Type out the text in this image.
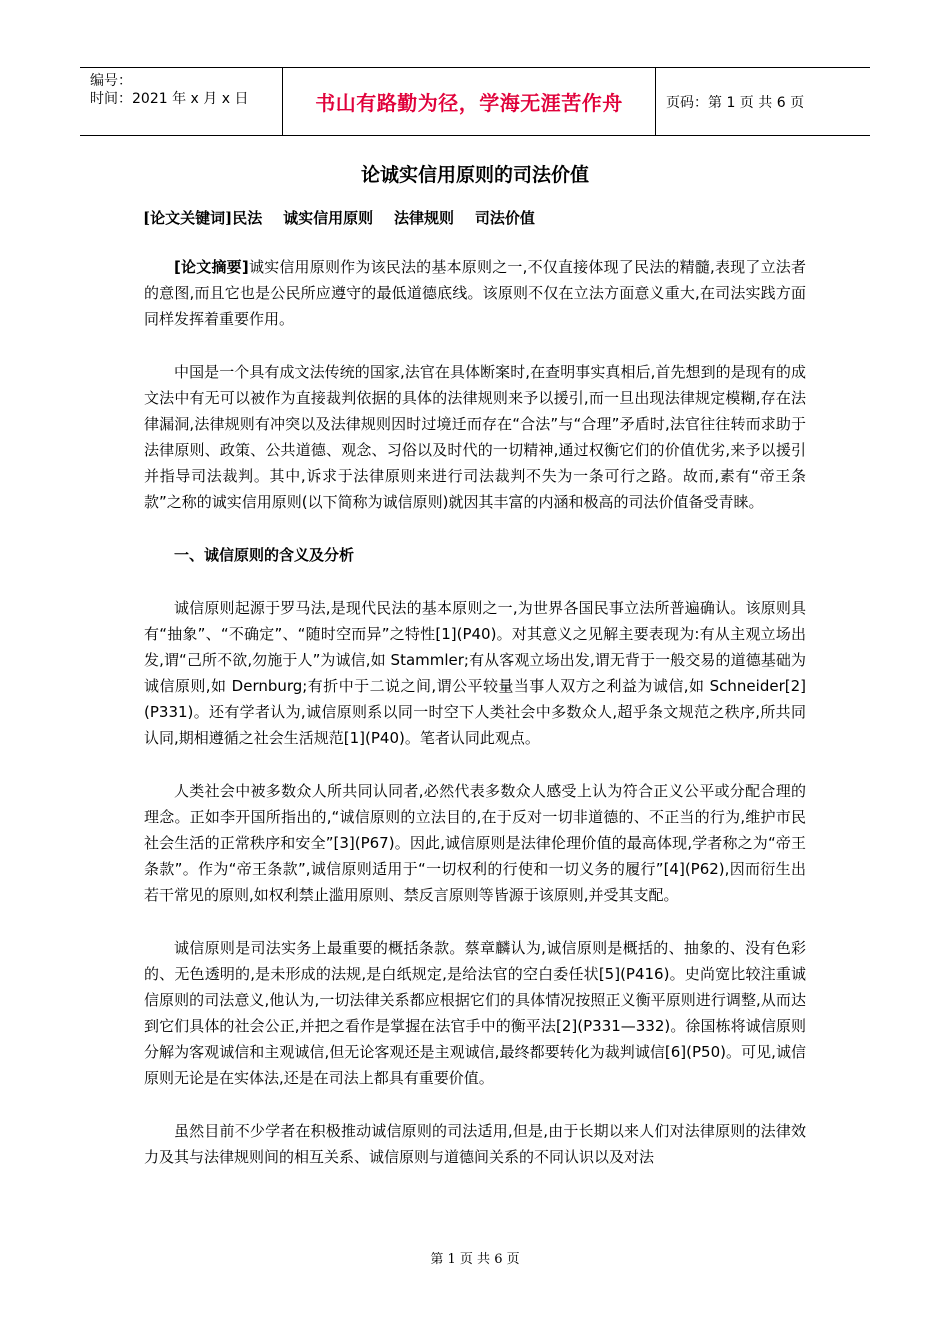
编号：
时间：2021 年 x 月 x 日	书山有路勤为径，学海无涯苦作舟	页码：第 1 页 共 6 页
论诚实信用原则的司法价值
[论文关键词]民法    诚实信用原则    法律规则    司法价值

[论文摘要]诚实信用原则作为该民法的基本原则之一,不仅直接体现了民法的精髓,表现了立法者的意图,而且它也是公民所应遵守的最低道德底线。该原则不仅在立法方面意义重大,在司法实践方面同样发挥着重要作用。

中国是一个具有成文法传统的国家,法官在具体断案时,在查明事实真相后,首先想到的是现有的成文法中有无可以被作为直接裁判依据的具体的法律规则来予以援引,而一旦出现法律规定模糊,存在法律漏洞,法律规则有冲突以及法律规则因时过境迁而存在“合法”与“合理”矛盾时,法官往往转而求助于法律原则、政策、公共道德、观念、习俗以及时代的一切精神,通过权衡它们的价值优劣,来予以援引并指导司法裁判。其中,诉求于法律原则来进行司法裁判不失为一条可行之路。故而,素有“帝王条款”之称的诚实信用原则(以下简称为诚信原则)就因其丰富的内涵和极高的司法价值备受青睐。

一、诚信原则的含义及分析

诚信原则起源于罗马法,是现代民法的基本原则之一,为世界各国民事立法所普遍确认。该原则具有“抽象”、“不确定”、“随时空而异”之特性[1](P40)。对其意义之见解主要表现为:有从主观立场出发,谓“己所不欲,勿施于人”为诚信,如 Stammler;有从客观立场出发,谓无背于一般交易的道德基础为诚信原则,如 Dernburg;有折中于二说之间,谓公平较量当事人双方之利益为诚信,如 Schneider[2](P331)。还有学者认为,诚信原则系以同一时空下人类社会中多数众人,超乎条文规范之秩序,所共同认同,期相遵循之社会生活规范[1](P40)。笔者认同此观点。

人类社会中被多数众人所共同认同者,必然代表多数众人感受上认为符合正义公平或分配合理的理念。正如李开国所指出的,“诚信原则的立法目的,在于反对一切非道德的、不正当的行为,维护市民社会生活的正常秩序和安全”[3](P67)。因此,诚信原则是法律伦理价值的最高体现,学者称之为“帝王条款”。作为“帝王条款”,诚信原则适用于“一切权利的行使和一切义务的履行”[4](P62),因而衍生出若干常见的原则,如权利禁止滥用原则、禁反言原则等皆源于该原则,并受其支配。

诚信原则是司法实务上最重要的概括条款。蔡章麟认为,诚信原则是概括的、抽象的、没有色彩的、无色透明的,是未形成的法规,是白纸规定,是给法官的空白委任状[5](P416)。史尚宽比较注重诚信原则的司法意义,他认为,一切法律关系都应根据它们的具体情况按照正义衡平原则进行调整,从而达到它们具体的社会公正,并把之看作是掌握在法官手中的衡平法[2](P331—332)。徐国栋将诚信原则分解为客观诚信和主观诚信,但无论客观还是主观诚信,最终都要转化为裁判诚信[6](P50)。可见,诚信原则无论是在实体法,还是在司法上都具有重要价值。

虽然目前不少学者在积极推动诚信原则的司法适用,但是,由于长期以来人们对法律原则的法律效力及其与法律规则间的相互关系、诚信原则与道德间关系的不同认识以及对法

第 1 页 共 6 页
